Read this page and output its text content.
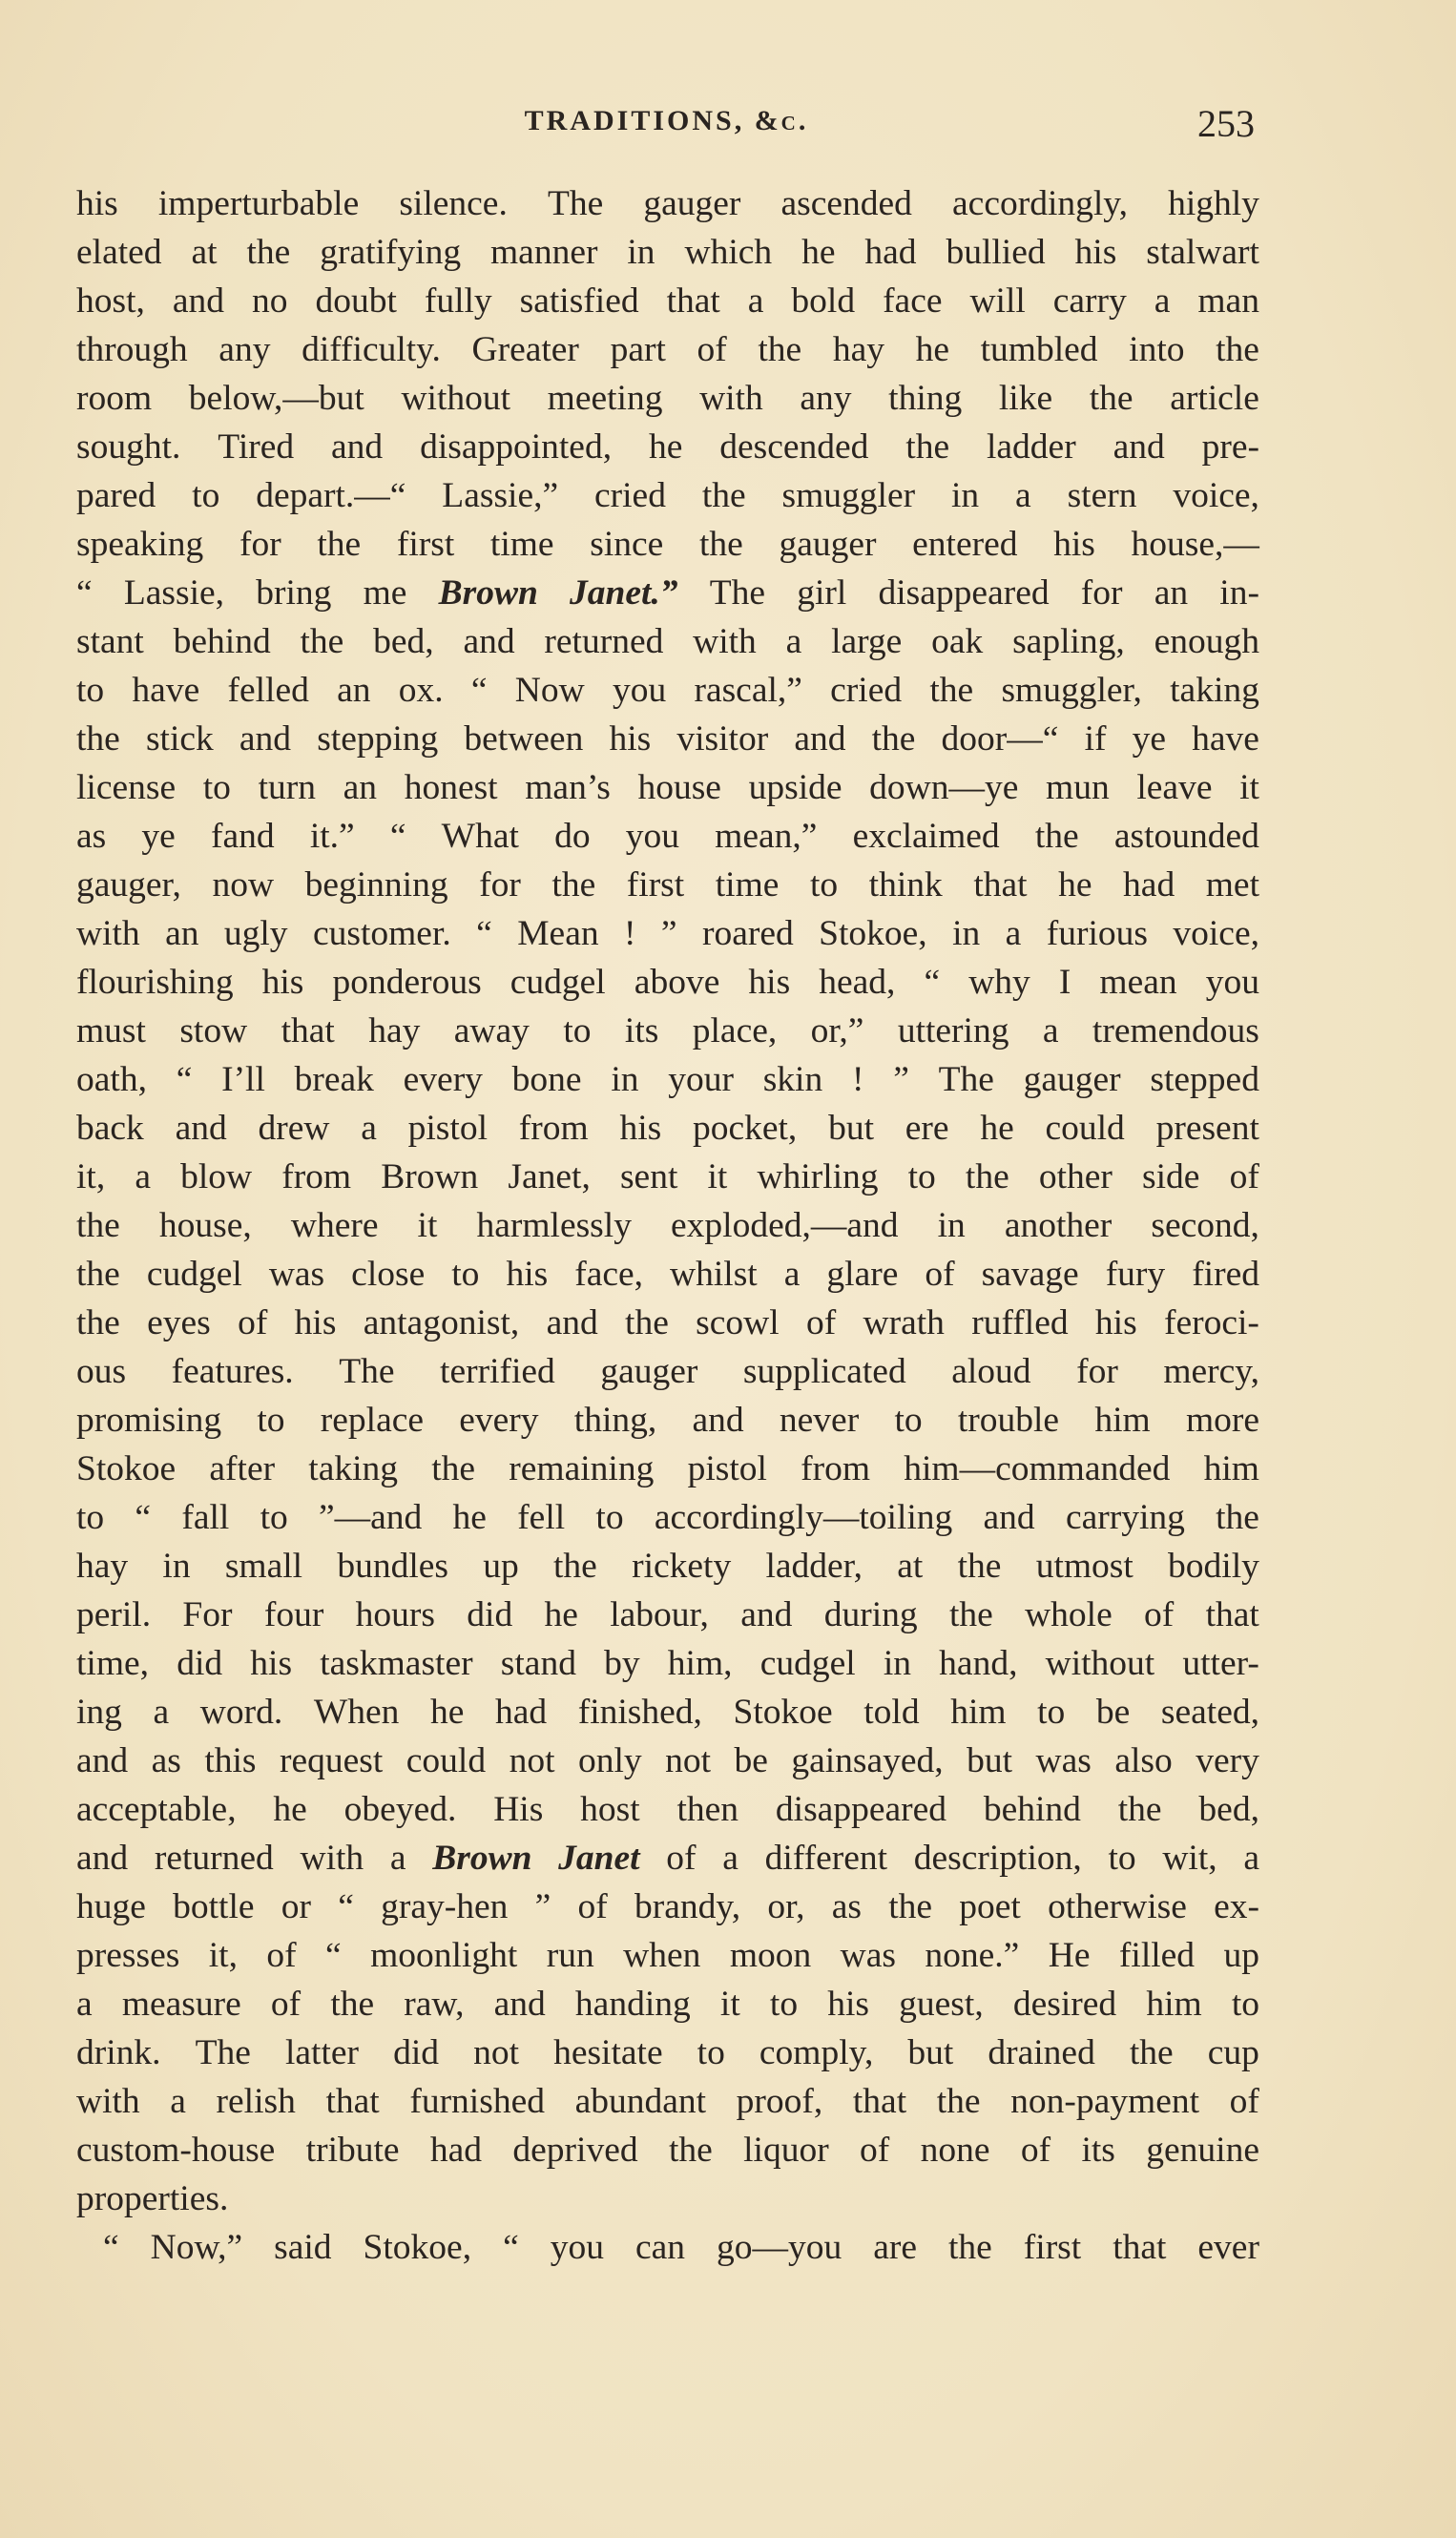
TRADITIONS, &c.	253
his imperturbable silence. The gauger ascended accordingly, highly
elated at the gratifying manner in which he had bullied his stalwart
host, and no doubt fully satisfied that a bold face will carry a man
through any difficulty. Greater part of the hay he tumbled into the
room below,—but without meeting with any thing like the article
sought. Tired and disappointed, he descended the ladder and pre-
pared to depart.—“ Lassie,” cried the smuggler in a stern voice,
speaking for the first time since the gauger entered his house,—
“ Lassie, bring me Brown Janet.” The girl disappeared for an in-
stant behind the bed, and returned with a large oak sapling, enough
to have felled an ox. “ Now you rascal,” cried the smuggler, taking
the stick and stepping between his visitor and the door—“ if ye have
license to turn an honest man’s house upside down—ye mun leave it
as ye fand it.” “ What do you mean,” exclaimed the astounded
gauger, now beginning for the first time to think that he had met
with an ugly customer. “ Mean ! ” roared Stokoe, in a furious voice,
flourishing his ponderous cudgel above his head, “ why I mean you
must stow that hay away to its place, or,” uttering a tremendous
oath, “ I’ll break every bone in your skin ! ” The gauger stepped
back and drew a pistol from his pocket, but ere he could present
it, a blow from Brown Janet, sent it whirling to the other side of
the house, where it harmlessly exploded,—and in another second,
the cudgel was close to his face, whilst a glare of savage fury fired
the eyes of his antagonist, and the scowl of wrath ruffled his feroci-
ous features. The terrified gauger supplicated aloud for mercy,
promising to replace every thing, and never to trouble him more
Stokoe after taking the remaining pistol from him—commanded him
to “ fall to ”—and he fell to accordingly—toiling and carrying the
hay in small bundles up the rickety ladder, at the utmost bodily
peril. For four hours did he labour, and during the whole of that
time, did his taskmaster stand by him, cudgel in hand, without utter-
ing a word. When he had finished, Stokoe told him to be seated,
and as this request could not only not be gainsayed, but was also very
acceptable, he obeyed. His host then disappeared behind the bed,
and returned with a Brown Janet of a different description, to wit, a
huge bottle or “ gray-hen ” of brandy, or, as the poet otherwise ex-
presses it, of “ moonlight run when moon was none.” He filled up
a measure of the raw, and handing it to his guest, desired him to
drink. The latter did not hesitate to comply, but drained the cup
with a relish that furnished abundant proof, that the non-payment of
custom-house tribute had deprived the liquor of none of its genuine
properties.
“ Now,” said Stokoe, “ you can go—you are the first that ever
